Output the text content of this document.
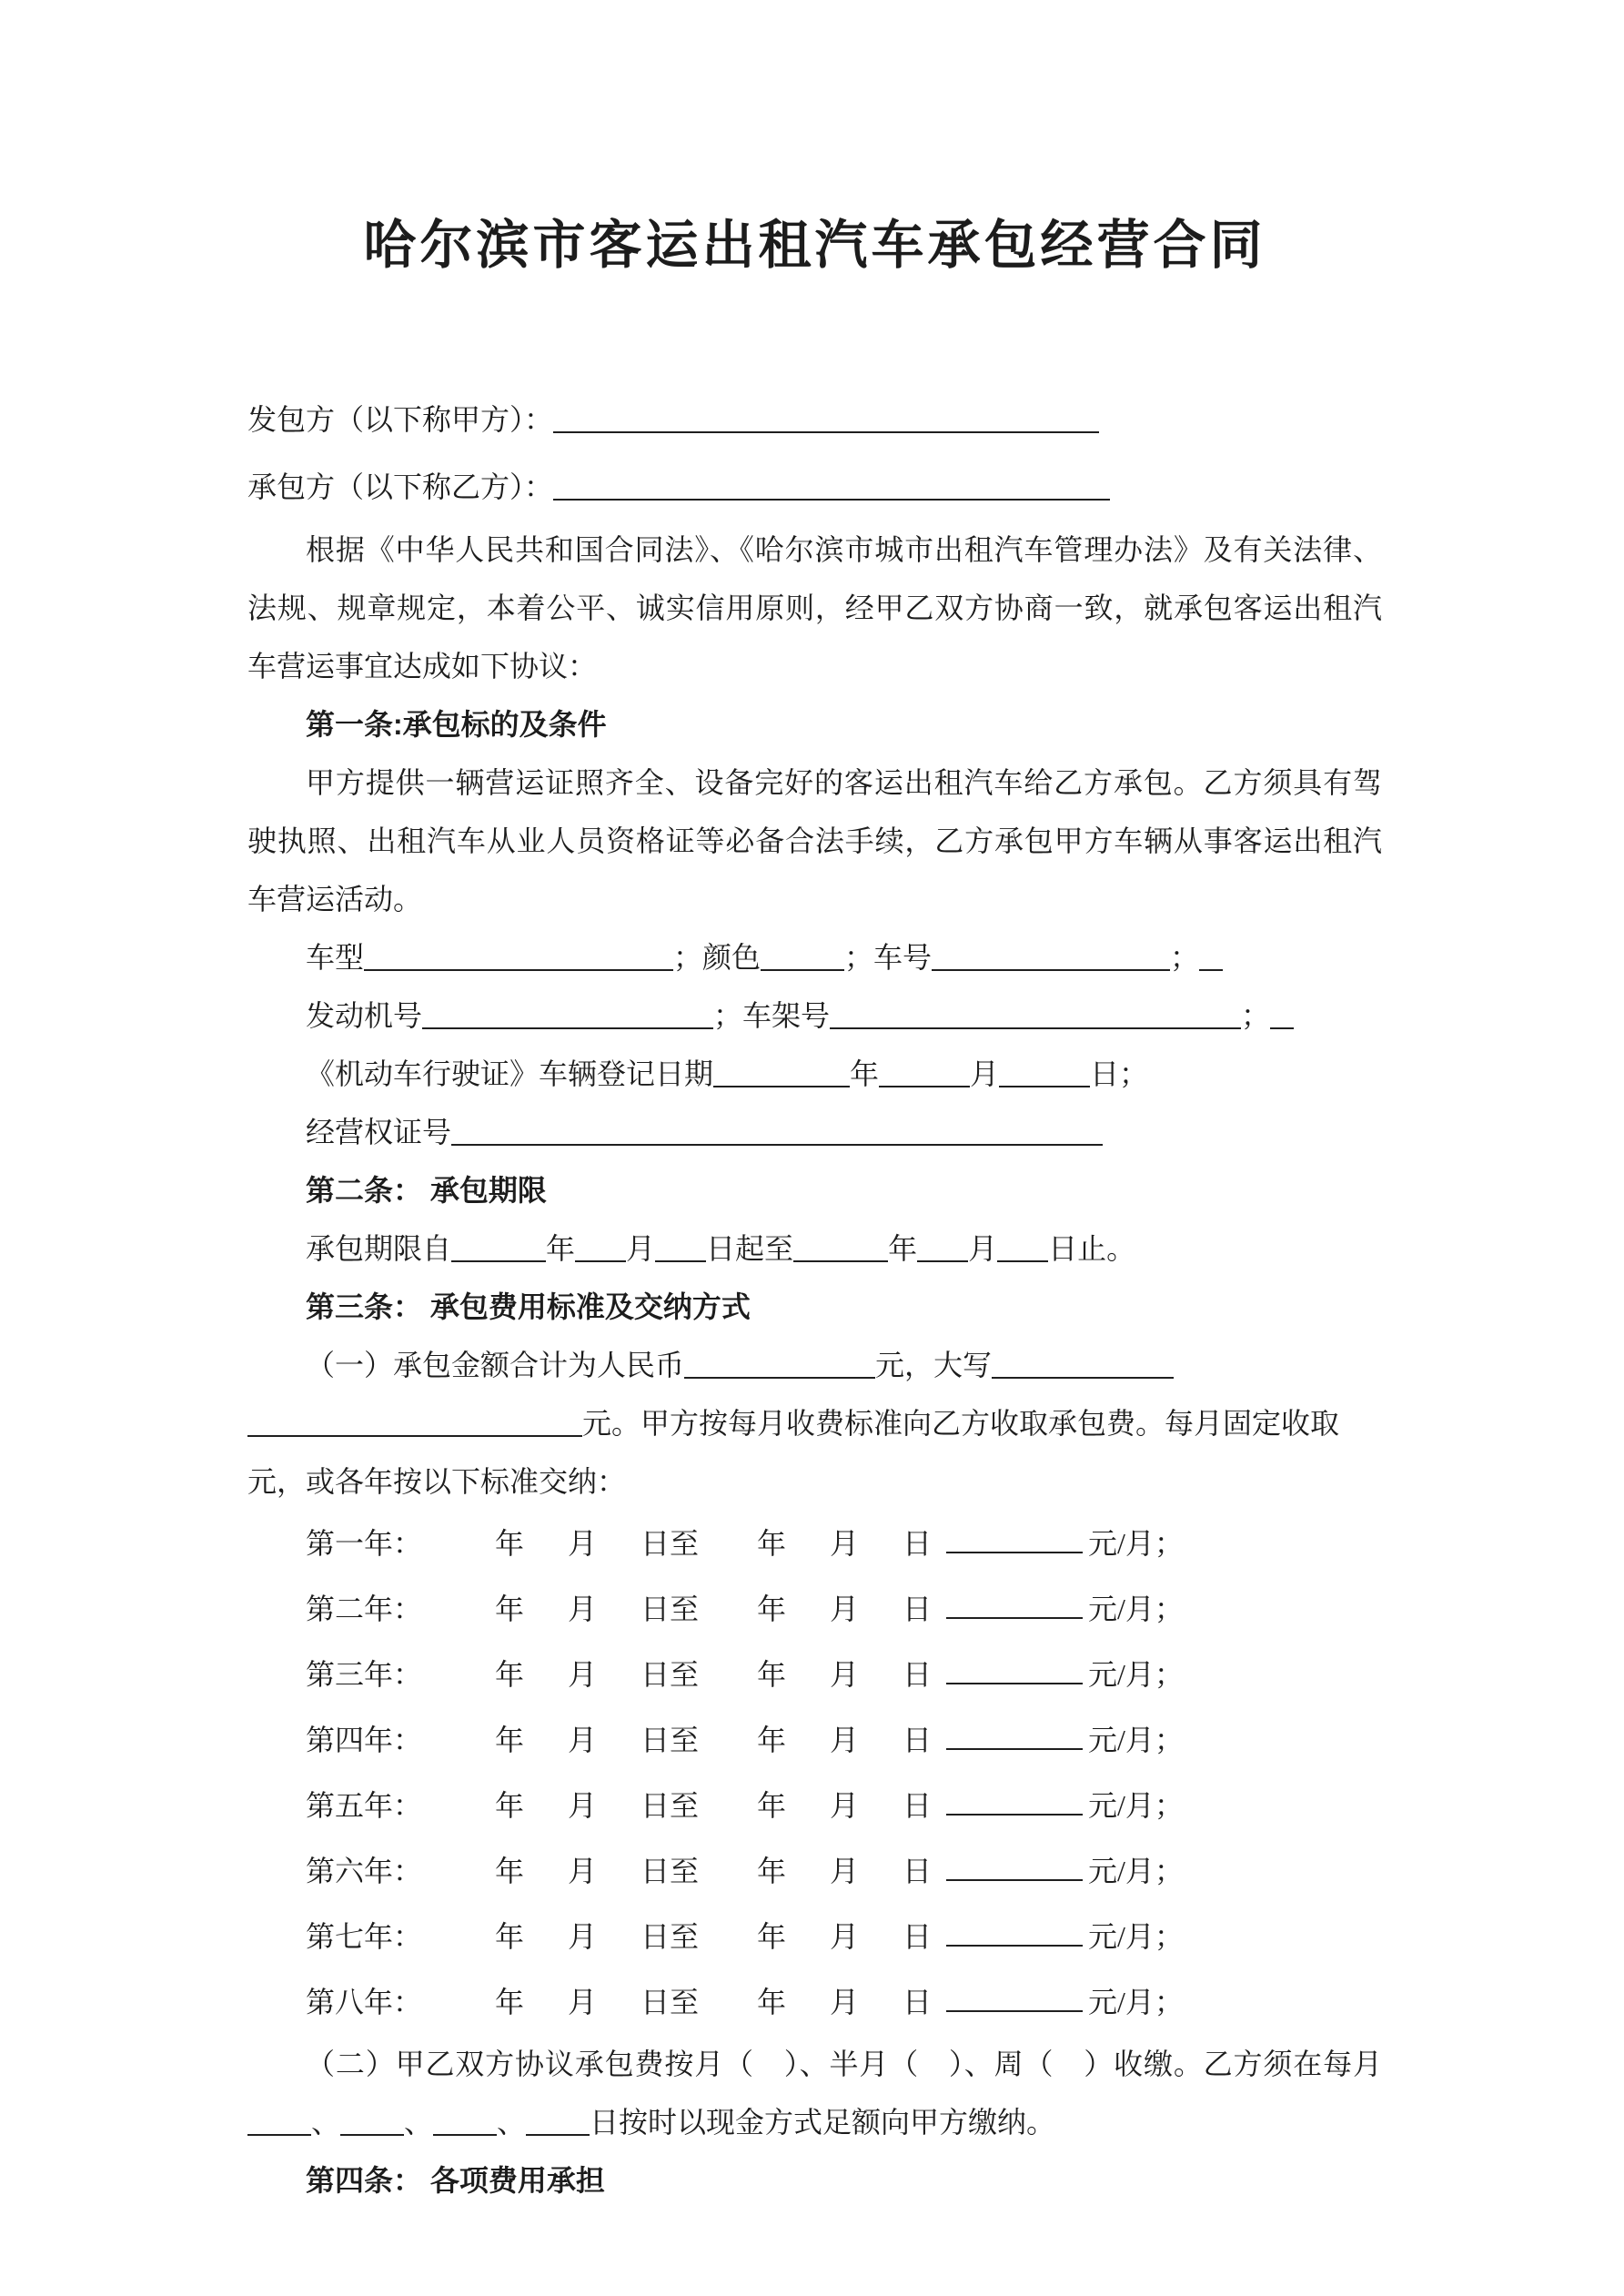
哈尔滨市客运出租汽车承包经营合同
发包方（以下称甲方）：
承包方（以下称乙方）：

根据《中华人民共和国合同法》、《哈尔滨市城市出租汽车管理办法》及有关法律、法规、规章规定，本着公平、诚实信用原则，经甲乙双方协商一致，就承包客运出租汽车营运事宜达成如下协议：

第一条:承包标的及条件

甲方提供一辆营运证照齐全、设备完好的客运出租汽车给乙方承包。乙方须具有驾驶执照、出租汽车从业人员资格证等必备合法手续，乙方承包甲方车辆从事客运出租汽车营运活动。

车型	；颜色	；车号	；
发动机号	；车架号	；
《机动车行驶证》车辆登记日期	年	月	日；
经营权证号
第二条： 承包期限
承包期限自	年 月 日起至	年 月 日止。
第三条： 承包费用标准及交纳方式
（一）承包金额合计为人民币	元，大写
元。甲方按每月收费标准向乙方收取承包费。每月固定收取
元，或各年按以下标准交纳：
第一年：	年	月	日至	年	月	日	元/月；
第二年：	年	月	日至	年	月	日	元/月；
第三年：	年	月	日至	年	月	日	元/月；
第四年：	年	月	日至	年	月	日	元/月；
第五年：	年	月	日至	年	月	日	元/月；
第六年：	年	月	日至	年	月	日	元/月；
第七年：	年	月	日至	年	月	日	元/月；
第八年：	年	月	日至	年	月	日	元/月；

（二）甲乙双方协议承包费按月（　）、半月（　）、周（　）收缴。乙方须在每月、 、 、 日按时以现金方式足额向甲方缴纳。

第四条： 各项费用承担
